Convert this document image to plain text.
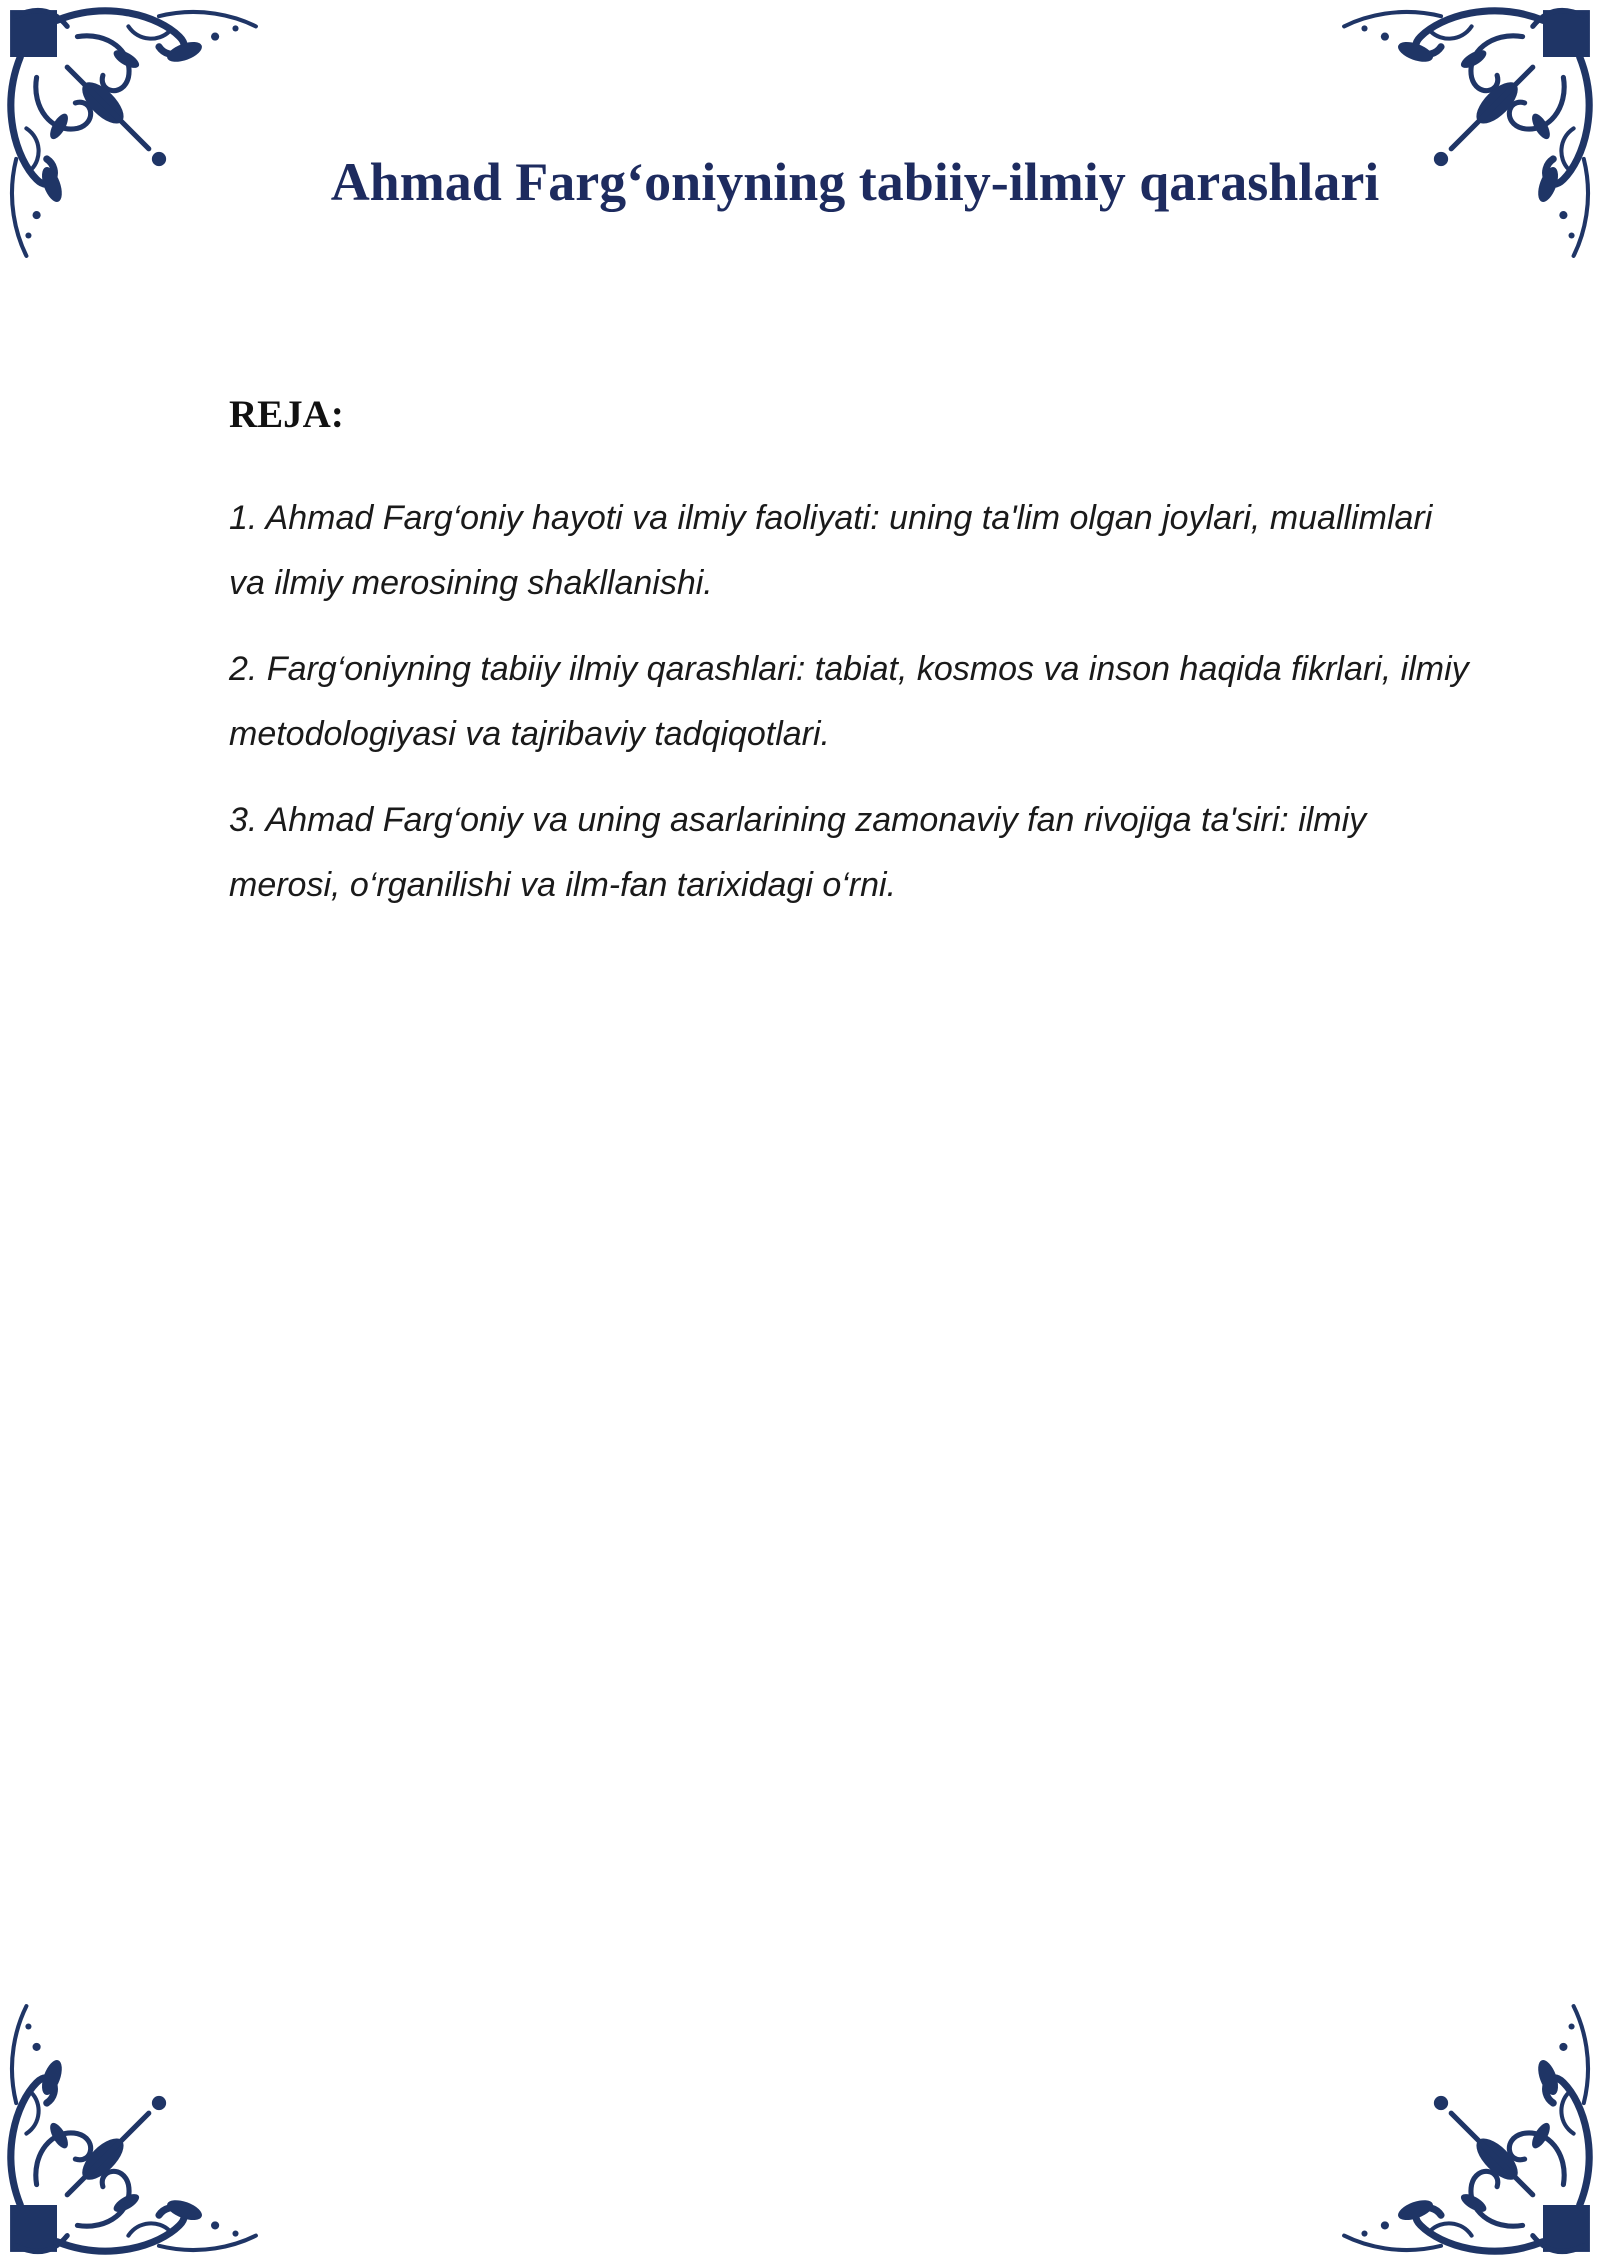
Ahmad Farg‘oniyning tabiiy-ilmiy qarashlari
REJA:
1. Ahmad Farg‘oniy hayoti va ilmiy faoliyati: uning ta'lim olgan joylari, muallimlari va ilmiy merosining shakllanishi.
2. Farg‘oniyning tabiiy ilmiy qarashlari: tabiat, kosmos va inson haqida fikrlari, ilmiy metodologiyasi va tajribaviy tadqiqotlari.
3. Ahmad Farg‘oniy va uning asarlarining zamonaviy fan rivojiga ta'siri: ilmiy merosi, o‘rganilishi va ilm-fan tarixidagi o‘rni.
